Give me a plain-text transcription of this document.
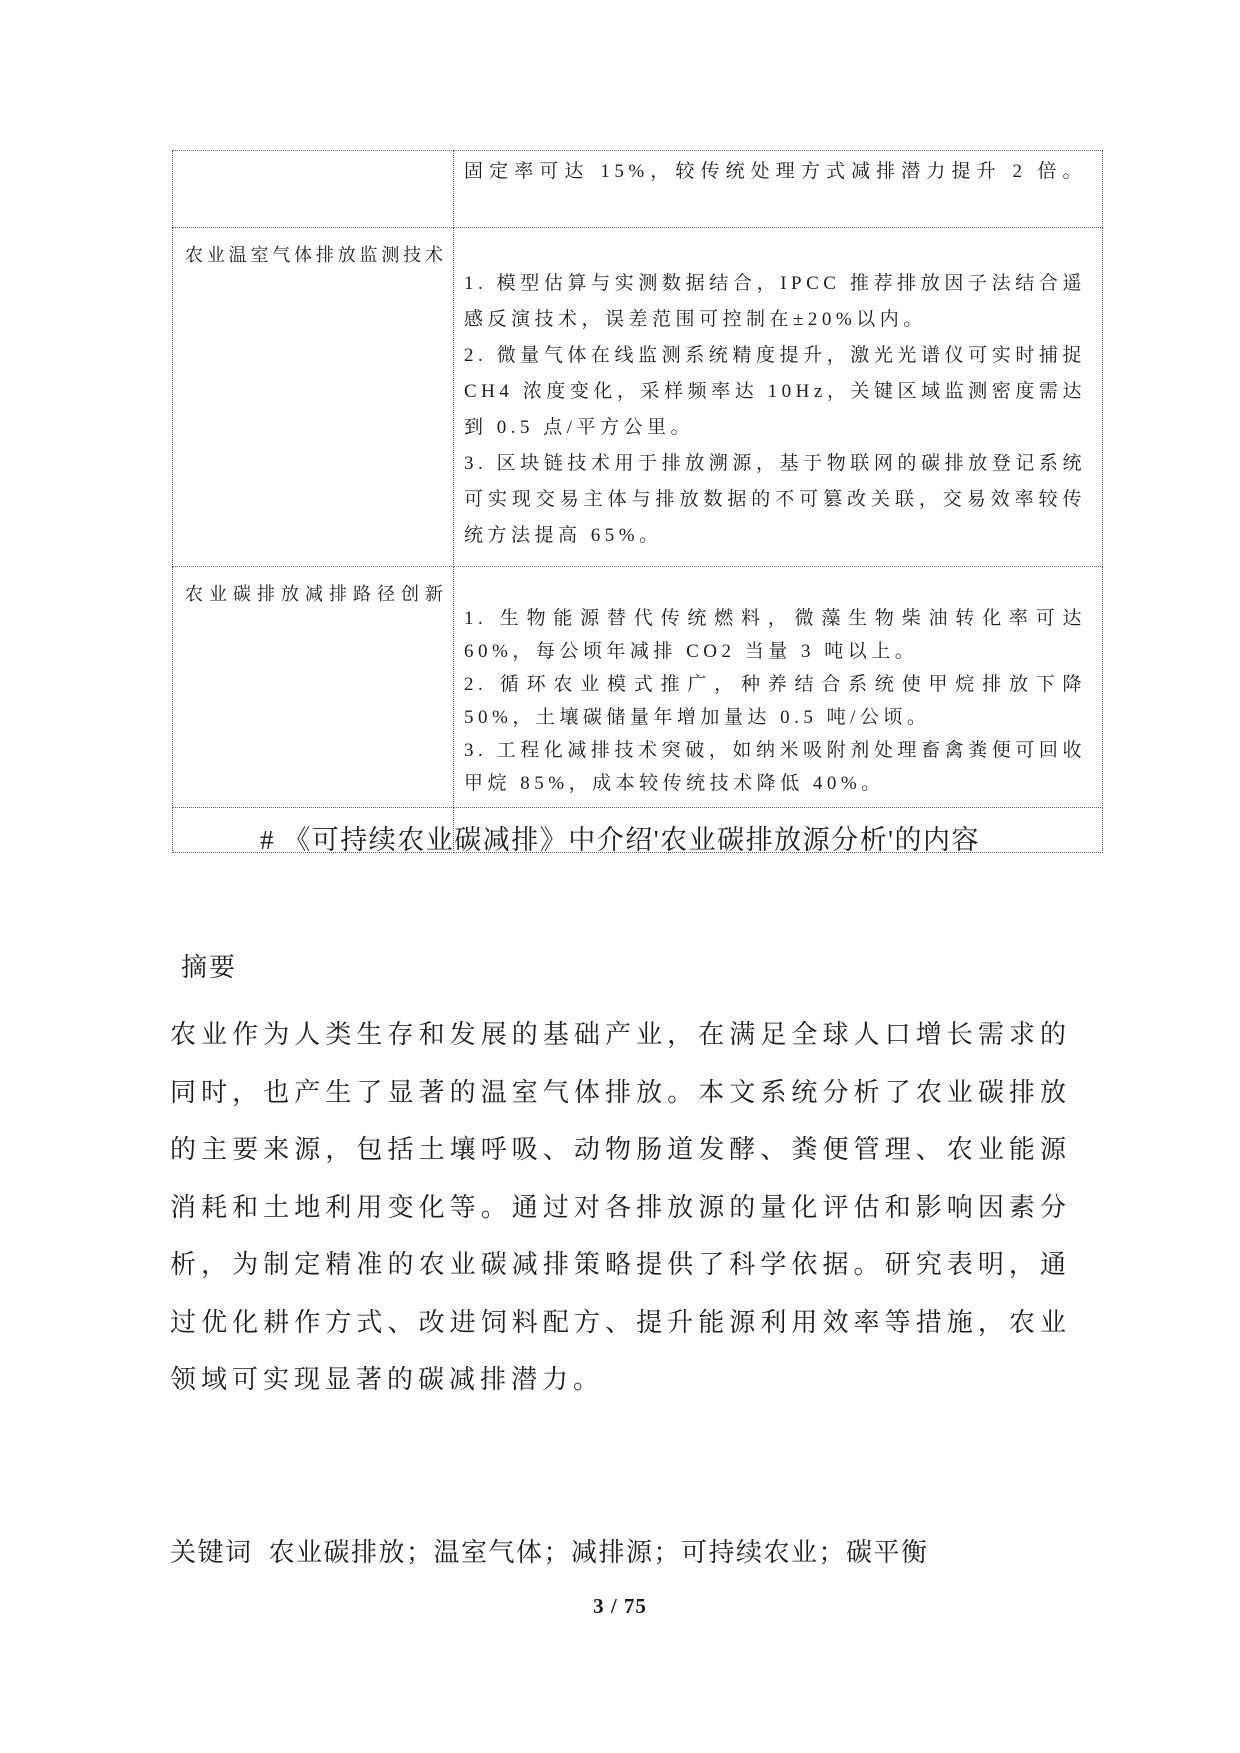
	固定率可达 15%，较传统处理方式减排潜力提升 2 倍。

农业温室气体排放监测技术	1. 模型估算与实测数据结合，IPCC 推荐排放因子法结合遥感反演技术，误差范围可控制在±20%以内。

2. 微量气体在线监测系统精度提升，激光光谱仪可实时捕捉 CH4 浓度变化，采样频率达 10Hz，关键区域监测密度需达到 0.5 点/平方公里。

3. 区块链技术用于排放溯源，基于物联网的碳排放登记系统可实现交易主体与排放数据的不可篡改关联，交易效率较传统方法提高 65%。

农业碳排放减排路径创新	1. 生物能源替代传统燃料，微藻生物柴油转化率可达 60%，每公顷年减排 CO2 当量 3 吨以上。

2. 循环农业模式推广，种养结合系统使甲烷排放下降 50%，土壤碳储量年增加量达 0.5 吨/公顷。

3. 工程化减排技术突破，如纳米吸附剂处理畜禽粪便可回收甲烷 85%，成本较传统技术降低 40%。

# 《可持续农业碳减排》中介绍'农业碳排放源分析'的内容
摘要

农业作为人类生存和发展的基础产业，在满足全球人口增长需求的同时，也产生了显著的温室气体排放。本文系统分析了农业碳排放的主要来源，包括土壤呼吸、动物肠道发酵、粪便管理、农业能源消耗和土地利用变化等。通过对各排放源的量化评估和影响因素分析，为制定精准的农业碳减排策略提供了科学依据。研究表明，通过优化耕作方式、改进饲料配方、提升能源利用效率等措施，农业领域可实现显著的碳减排潜力。

关键词  农业碳排放；温室气体；减排源；可持续农业；碳平衡

3 / 75
